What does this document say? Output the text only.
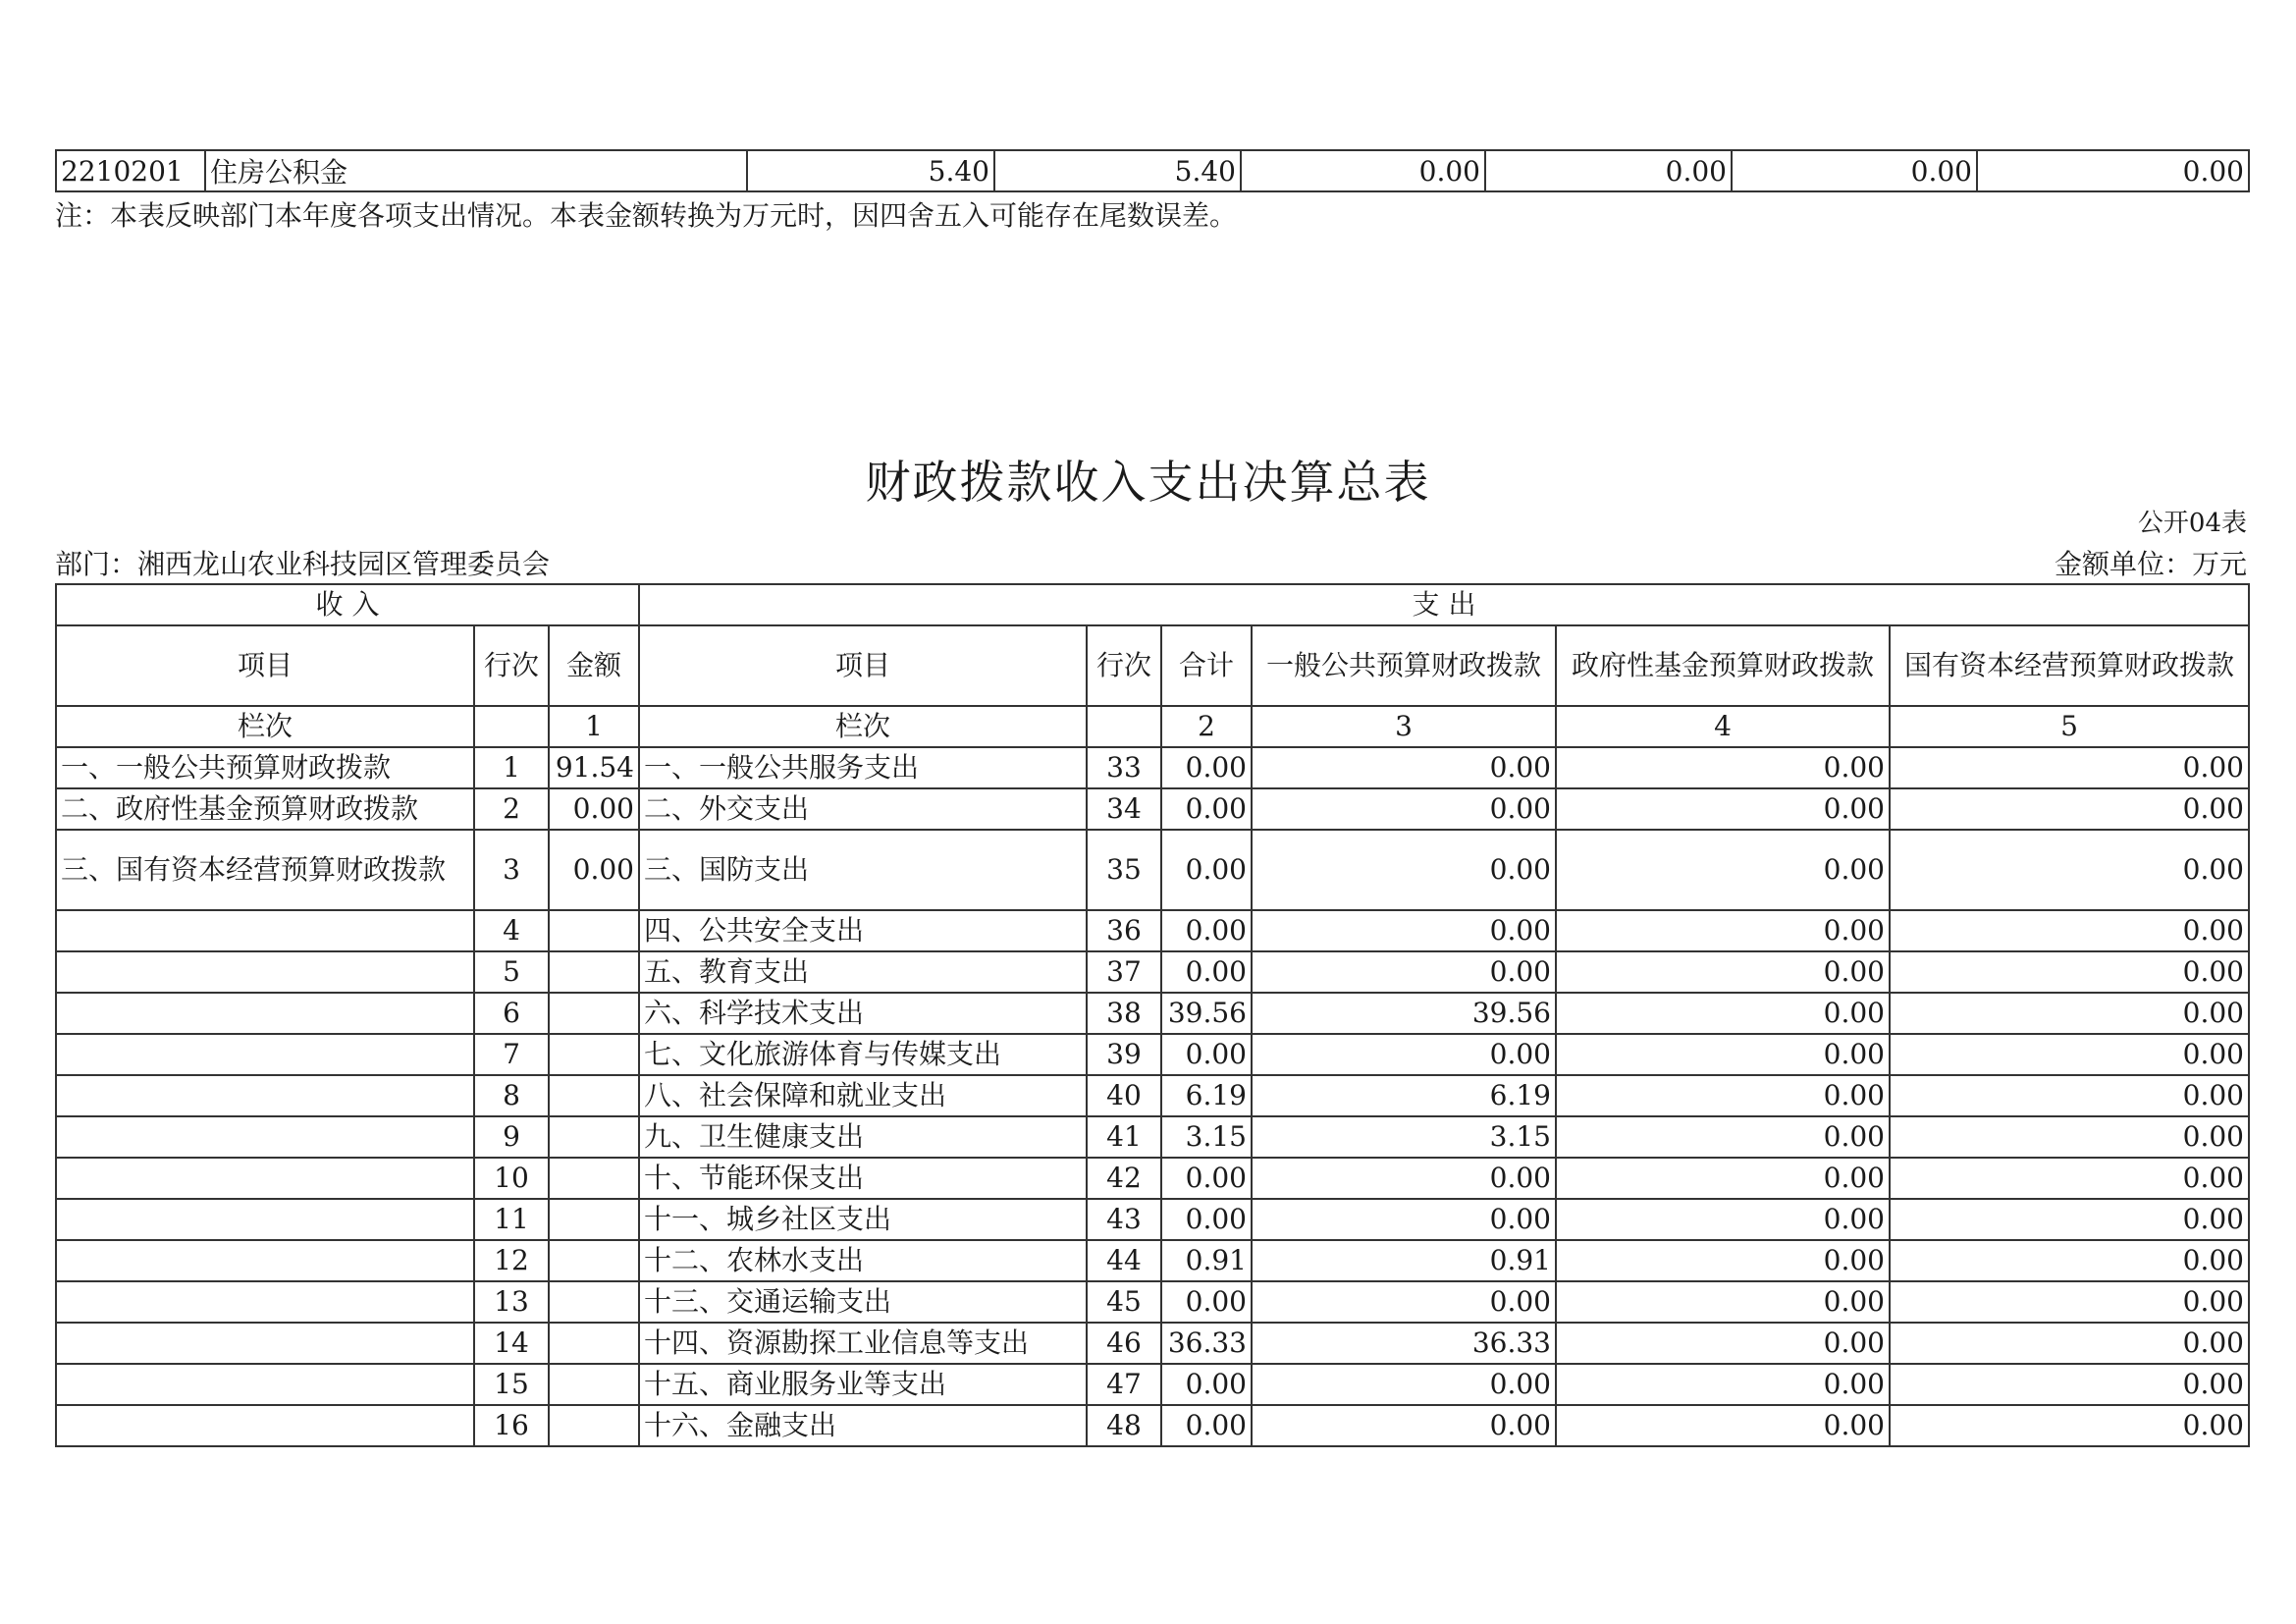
2210201	住房公积金	5.40	5.40	0.00	0.00	0.00	0.00
注：本表反映部门本年度各项支出情况。本表金额转换为万元时，因四舍五入可能存在尾数误差。
财政拨款收入支出决算总表
公开04表
部门：湘西龙山农业科技园区管理委员会	金额单位：万元
收 入			支 出					
项目	行次	金额	项目	行次	合计	一般公共预算财政拨款	政府性基金预算财政拨款	国有资本经营预算财政拨款
栏次		1	栏次		2	3	4	5
一、一般公共预算财政拨款	1	91.54	一、一般公共服务支出	33	0.00	0.00	0.00	0.00
二、政府性基金预算财政拨款	2	0.00	二、外交支出	34	0.00	0.00	0.00	0.00
三、国有资本经营预算财政拨款	3	0.00	三、国防支出	35	0.00	0.00	0.00	0.00
	4		四、公共安全支出	36	0.00	0.00	0.00	0.00
	5		五、教育支出	37	0.00	0.00	0.00	0.00
	6		六、科学技术支出	38	39.56	39.56	0.00	0.00
	7		七、文化旅游体育与传媒支出	39	0.00	0.00	0.00	0.00
	8		八、社会保障和就业支出	40	6.19	6.19	0.00	0.00
	9		九、卫生健康支出	41	3.15	3.15	0.00	0.00
	10		十、节能环保支出	42	0.00	0.00	0.00	0.00
	11		十一、城乡社区支出	43	0.00	0.00	0.00	0.00
	12		十二、农林水支出	44	0.91	0.91	0.00	0.00
	13		十三、交通运输支出	45	0.00	0.00	0.00	0.00
	14		十四、资源勘探工业信息等支出	46	36.33	36.33	0.00	0.00
	15		十五、商业服务业等支出	47	0.00	0.00	0.00	0.00
	16		十六、金融支出	48	0.00	0.00	0.00	0.00
